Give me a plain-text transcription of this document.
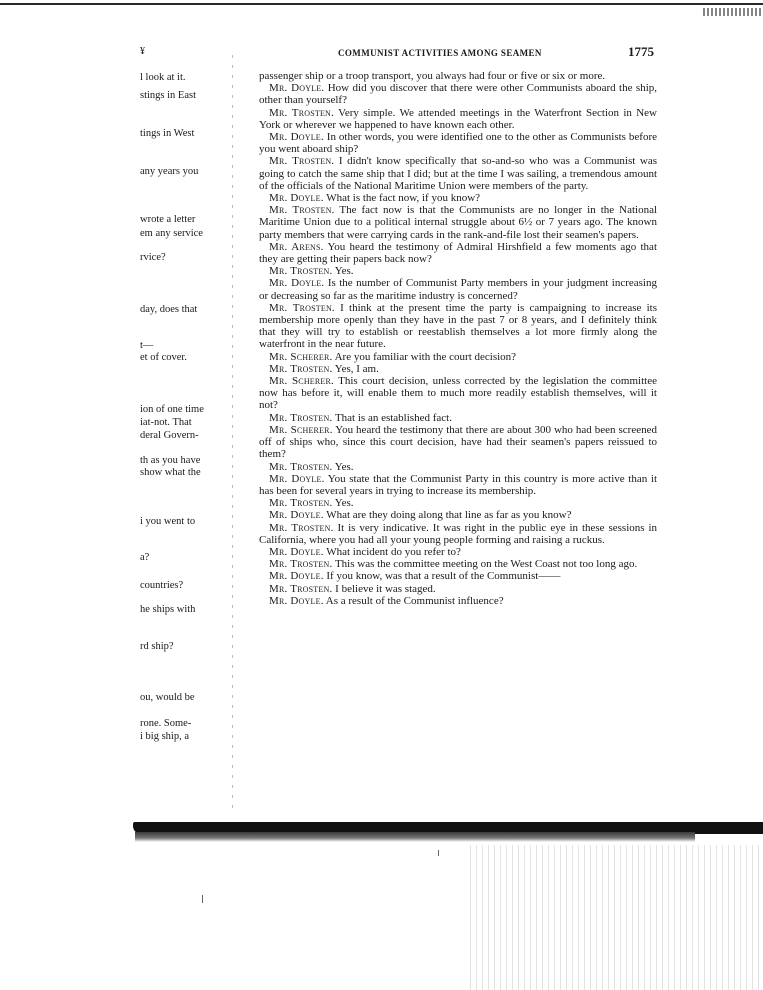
l look at it.
stings in East
tings in West
any years you
wrote a letter
em any service
rvice?
day, does that
t—
et of cover.
ion of one time
iat-not. That
deral Govern-
th as you have
show what the
i you went to
a?
countries?
he ships with
rd ship?
ou, would be
rone. Some-
i big ship, a
¥	COMMUNIST ACTIVITIES AMONG SEAMEN	1775

passenger ship or a troop transport, you always had four or five or six or more.

Mr. Doyle. How did you discover that there were other Communists aboard the ship, other than yourself?

Mr. Trosten. Very simple. We attended meetings in the Waterfront Section in New York or wherever we happened to have known each other.

Mr. Doyle. In other words, you were identified one to the other as Communists before you went aboard ship?

Mr. Trosten. I didn't know specifically that so-and-so who was a Communist was going to catch the same ship that I did; but at the time I was sailing, a tremendous amount of the officials of the National Maritime Union were members of the party.

Mr. Doyle. What is the fact now, if you know?

Mr. Trosten. The fact now is that the Communists are no longer in the National Maritime Union due to a political internal struggle about 6½ or 7 years ago. The known party members that were carrying cards in the rank-and-file lost their seamen's papers.

Mr. Arens. You heard the testimony of Admiral Hirshfield a few moments ago that they are getting their papers back now?

Mr. Trosten. Yes.

Mr. Doyle. Is the number of Communist Party members in your judgment increasing or decreasing so far as the maritime industry is concerned?

Mr. Trosten. I think at the present time the party is campaigning to increase its membership more openly than they have in the past 7 or 8 years, and I definitely think that they will try to establish or reestablish themselves a lot more firmly along the waterfront in the near future.

Mr. Scherer. Are you familiar with the court decision?

Mr. Trosten. Yes, I am.

Mr. Scherer. This court decision, unless corrected by the legislation the committee now has before it, will enable them to much more readily establish themselves, will it not?

Mr. Trosten. That is an established fact.

Mr. Scherer. You heard the testimony that there are about 300 who had been screened off of ships who, since this court decision, have had their seamen's papers reissued to them?

Mr. Trosten. Yes.

Mr. Doyle. You state that the Communist Party in this country is more active than it has been for several years in trying to increase its membership.

Mr. Trosten. Yes.

Mr. Doyle. What are they doing along that line as far as you know?

Mr. Trosten. It is very indicative. It was right in the public eye in these sessions in California, where you had all your young people forming and raising a ruckus.

Mr. Doyle. What incident do you refer to?

Mr. Trosten. This was the committee meeting on the West Coast not too long ago.

Mr. Doyle. If you know, was that a result of the Communist——

Mr. Trosten. I believe it was staged.

Mr. Doyle. As a result of the Communist influence?
